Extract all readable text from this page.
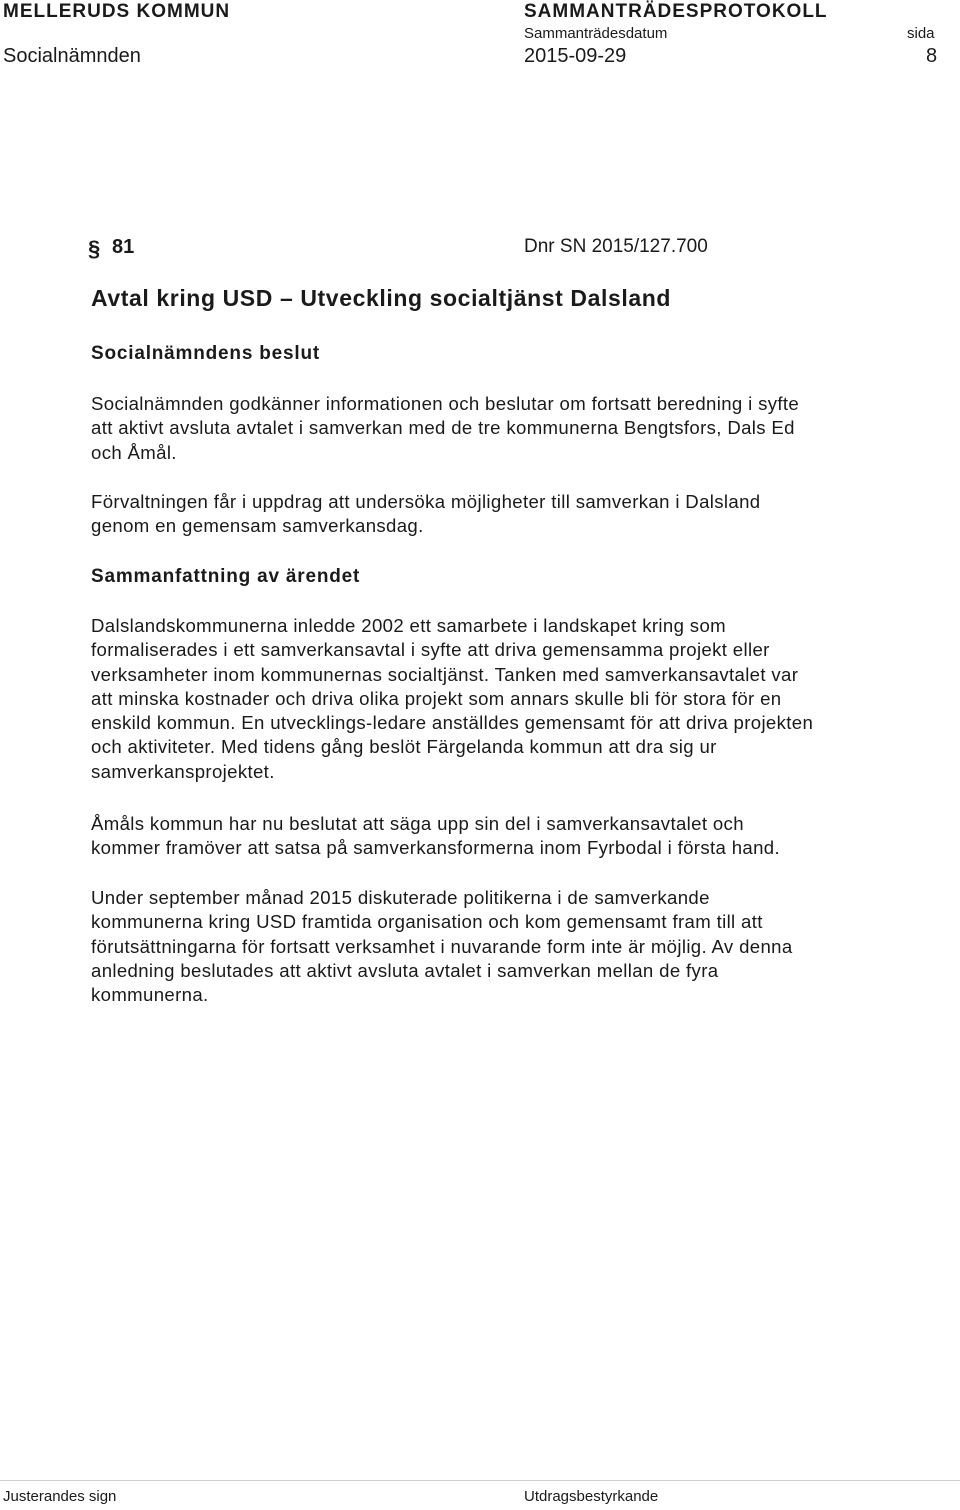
MELLERUDS KOMMUN	SAMMANTRÄDESPROTOKOLL
Sammanträdesdatum	sida
Socialnämnden	2015-09-29	8
§ 81	Dnr SN 2015/127.700
Avtal kring USD – Utveckling socialtjänst Dalsland
Socialnämndens beslut
Socialnämnden godkänner informationen och beslutar om fortsatt beredning i syfte
att aktivt avsluta avtalet i samverkan med de tre kommunerna Bengtsfors, Dals Ed
och Åmål.
Förvaltningen får i uppdrag att undersöka möjligheter till samverkan i Dalsland
genom en gemensam samverkansdag.
Sammanfattning av ärendet
Dalslandskommunerna inledde 2002 ett samarbete i landskapet kring som
formaliserades i ett samverkansavtal i syfte att driva gemensamma projekt eller
verksamheter inom kommunernas socialtjänst. Tanken med samverkansavtalet var
att minska kostnader och driva olika projekt som annars skulle bli för stora för en
enskild kommun. En utvecklings-ledare anställdes gemensamt för att driva projekten
och aktiviteter. Med tidens gång beslöt Färgelanda kommun att dra sig ur
samverkansprojektet.
Åmåls kommun har nu beslutat att säga upp sin del i samverkansavtalet och
kommer framöver att satsa på samverkansformerna inom Fyrbodal i första hand.
Under september månad 2015 diskuterade politikerna i de samverkande
kommunerna kring USD framtida organisation och kom gemensamt fram till att
förutsättningarna för fortsatt verksamhet i nuvarande form inte är möjlig. Av denna
anledning beslutades att aktivt avsluta avtalet i samverkan mellan de fyra
kommunerna.
Justerandes sign	Utdragsbestyrkande
